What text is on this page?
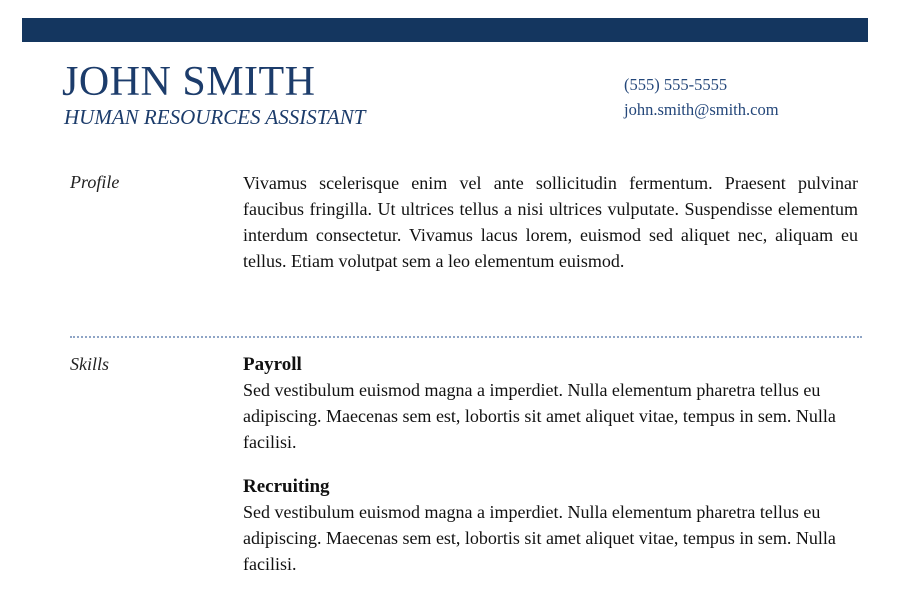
JOHN SMITH
HUMAN RESOURCES ASSISTANT
(555) 555-5555
john.smith@smith.com
Profile	Vivamus scelerisque enim vel ante sollicitudin fermentum. Praesent pulvinar faucibus fringilla. Ut ultrices tellus a nisi ultrices vulputate. Suspendisse elementum interdum consectetur. Vivamus lacus lorem, euismod sed aliquet nec, aliquam eu tellus. Etiam volutpat sem a leo elementum euismod.
Skills	Payroll
Sed vestibulum euismod magna a imperdiet. Nulla elementum pharetra tellus eu adipiscing. Maecenas sem est, lobortis sit amet aliquet vitae, tempus in sem. Nulla facilisi.
Recruiting
Sed vestibulum euismod magna a imperdiet. Nulla elementum pharetra tellus eu adipiscing. Maecenas sem est, lobortis sit amet aliquet vitae, tempus in sem. Nulla facilisi.
